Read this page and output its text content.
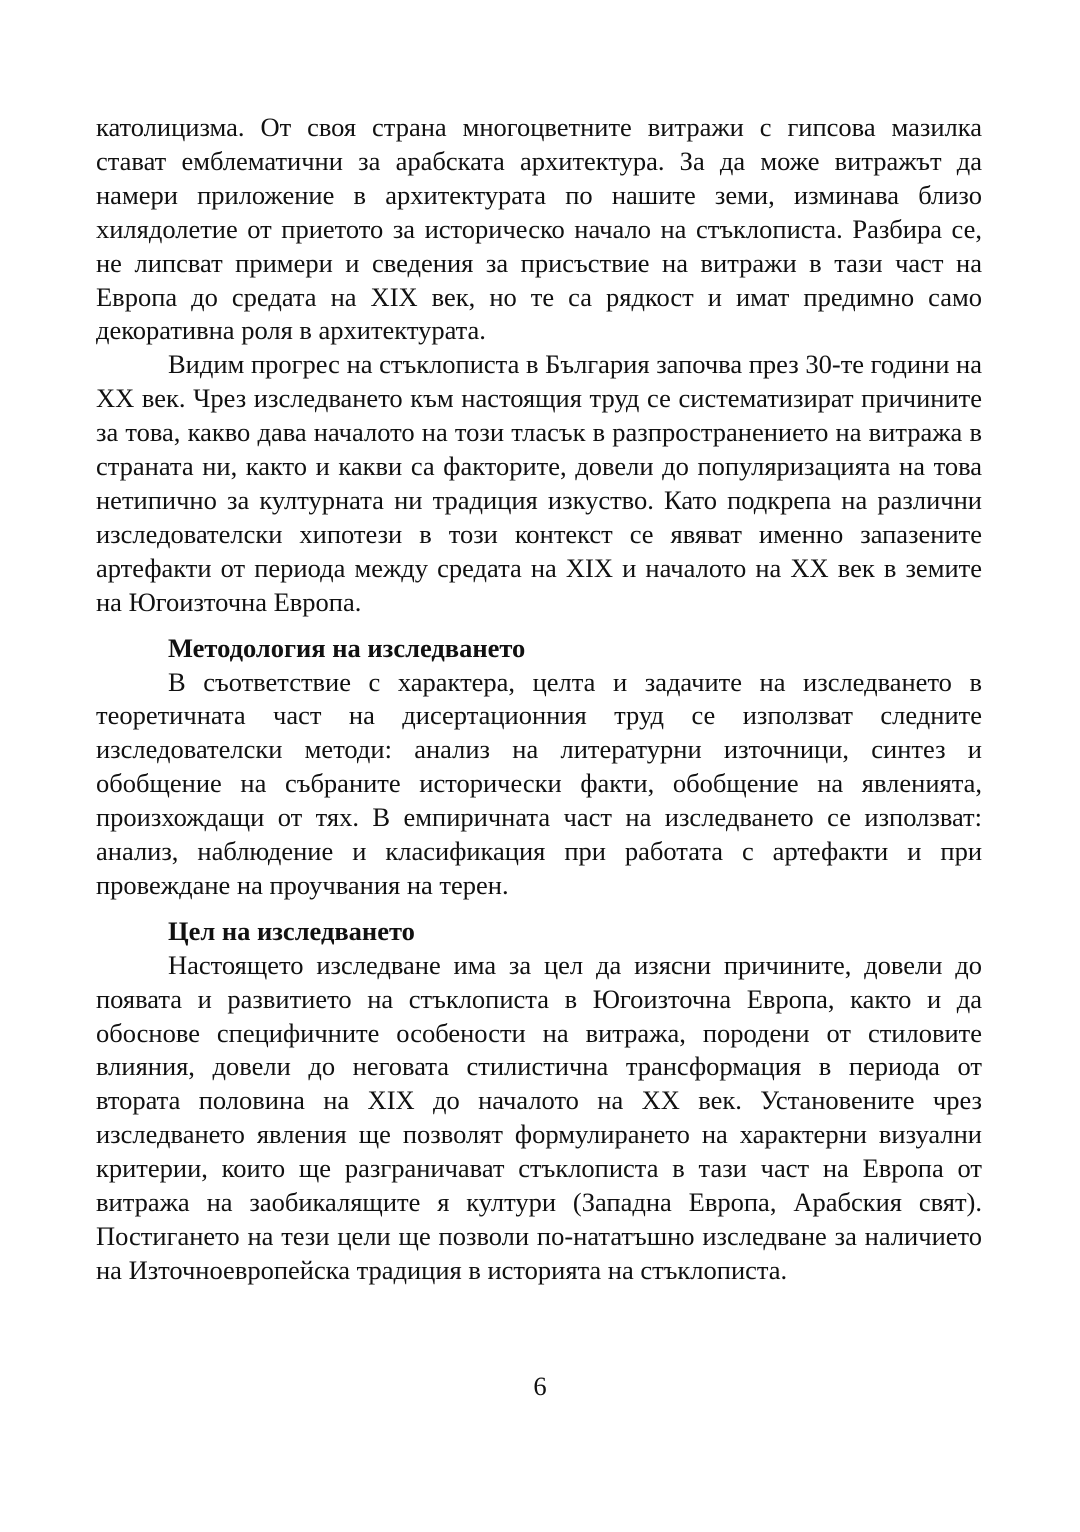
католицизма. От своя страна многоцветните витражи с гипсова мазилка стават емблематични за арабската архитектура. За да може витражът да намери приложение в архитектурата по нашите земи, изминава близо хилядолетие от приетото за историческо начало на стъклописта. Разбира се, не липсват примери и сведения за присъствие на витражи в тази част на Европа до средата на XIX век, но те са рядкост и имат предимно само декоративна роля в архитектурата.

Видим прогрес на стъклописта в България започва през 30-те години на XX век. Чрез изследването към настоящия труд се систематизират причините за това, какво дава началото на този тласък в разпространението на витража в страната ни, както и какви са факторите, довели до популяризацията на това нетипично за културната ни традиция изкуство. Като подкрепа на различни изследователски хипотези в този контекст се явяват именно запазените артефакти от периода между средата на XIX и началото на XX век в земите на Югоизточна Европа.

Методология на изследването

В съответствие с характера, целта и задачите на изследването в теоретичната част на дисертационния труд се използват следните изследователски методи: анализ на литературни източници, синтез и обобщение на събраните исторически факти, обобщение на явленията, произхождащи от тях. В емпиричната част на изследването се използват: анализ, наблюдение и класификация при работата с артефакти и при провеждане на проучвания на терен.

Цел на изследването

Настоящето изследване има за цел да изясни причините, довели до появата и развитието на стъклописта в Югоизточна Европа, както и да обоснове специфичните особености на витража, породени от стиловите влияния, довели до неговата стилистична трансформация в периода от втората половина на XIX до началото на XX век. Установените чрез изследването явления ще позволят формулирането на характерни визуални критерии, които ще разграничават стъклописта в тази част на Европа от витража на заобикалящите я култури (Западна Европа, Арабския свят). Постигането на тези цели ще позволи по-нататъшно изследване за наличието на Източноевропейска традиция в историята на стъклописта.

6
